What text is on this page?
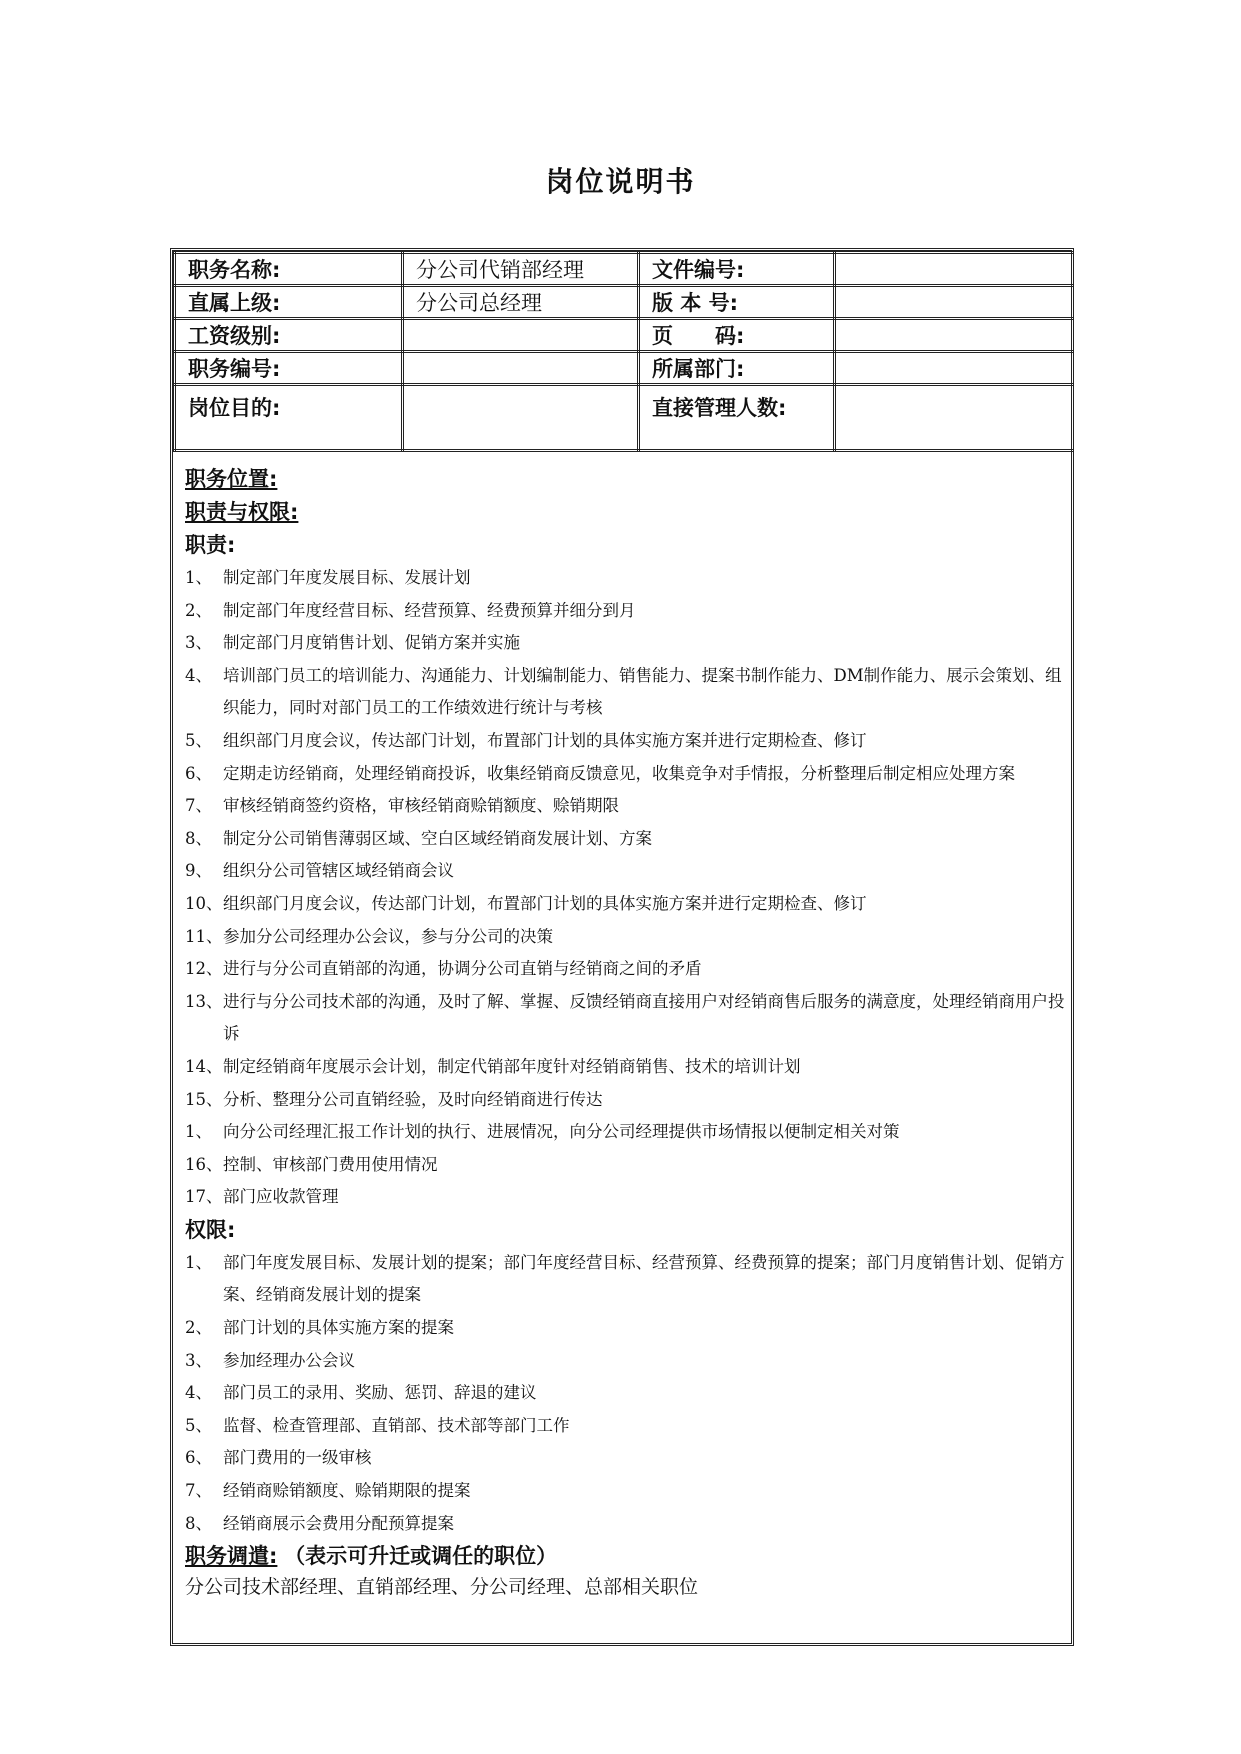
岗位说明书
职务名称:	分公司代销部经理	文件编号:	
直属上级:	分公司总经理	版 本 号:	
工资级别:		页　　码:	
职务编号:		所属部门:	
岗位目的:		直接管理人数:	
职务位置:
职责与权限:
职责:
1、 制定部门年度发展目标、发展计划
2、 制定部门年度经营目标、经营预算、经费预算并细分到月
3、 制定部门月度销售计划、促销方案并实施
4、 培训部门员工的培训能力、沟通能力、计划编制能力、销售能力、提案书制作能力、DM制作能力、展示会策划、组织能力，同时对部门员工的工作绩效进行统计与考核
5、 组织部门月度会议，传达部门计划，布置部门计划的具体实施方案并进行定期检查、修订
6、 定期走访经销商，处理经销商投诉，收集经销商反馈意见，收集竞争对手情报，分析整理后制定相应处理方案
7、 审核经销商签约资格，审核经销商赊销额度、赊销期限
8、 制定分公司销售薄弱区域、空白区域经销商发展计划、方案
9、 组织分公司管辖区域经销商会议
10、 组织部门月度会议，传达部门计划，布置部门计划的具体实施方案并进行定期检查、修订
11、 参加分公司经理办公会议，参与分公司的决策
12、 进行与分公司直销部的沟通，协调分公司直销与经销商之间的矛盾
13、 进行与分公司技术部的沟通，及时了解、掌握、反馈经销商直接用户对经销商售后服务的满意度，处理经销商用户投诉
14、 制定经销商年度展示会计划，制定代销部年度针对经销商销售、技术的培训计划
15、 分析、整理分公司直销经验，及时向经销商进行传达
1、 向分公司经理汇报工作计划的执行、进展情况，向分公司经理提供市场情报以便制定相关对策
16、 控制、审核部门费用使用情况
17、 部门应收款管理
权限:
1、 部门年度发展目标、发展计划的提案；部门年度经营目标、经营预算、经费预算的提案；部门月度销售计划、促销方案、经销商发展计划的提案
2、 部门计划的具体实施方案的提案
3、 参加经理办公会议
4、 部门员工的录用、奖励、惩罚、辞退的建议
5、 监督、检查管理部、直销部、技术部等部门工作
6、 部门费用的一级审核
7、 经销商赊销额度、赊销期限的提案
8、 经销商展示会费用分配预算提案
职务调遣: （表示可升迁或调任的职位）
分公司技术部经理、直销部经理、分公司经理、总部相关职位
